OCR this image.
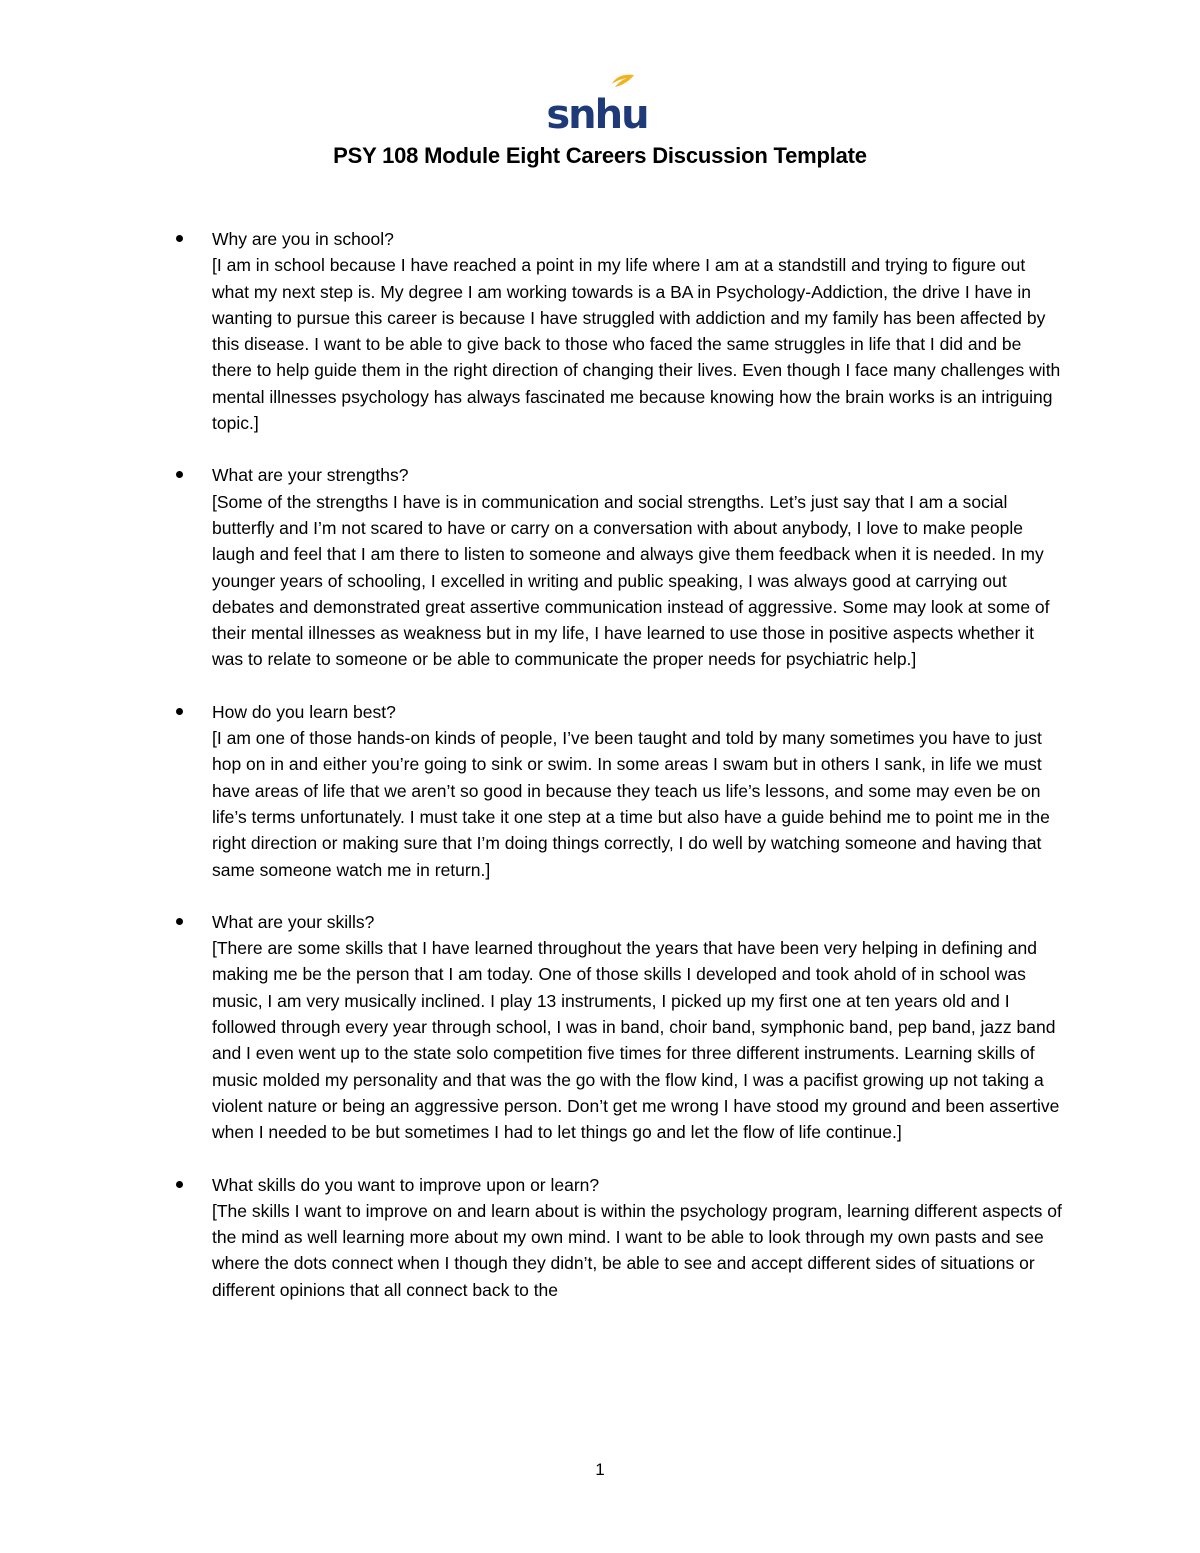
snhu
PSY 108 Module Eight Careers Discussion Template
Why are you in school?
[I am in school because I have reached a point in my life where I am at a standstill and trying to figure out what my next step is. My degree I am working towards is a BA in Psychology-Addiction, the drive I have in wanting to pursue this career is because I have struggled with addiction and my family has been affected by this disease. I want to be able to give back to those who faced the same struggles in life that I did and be there to help guide them in the right direction of changing their lives. Even though I face many challenges with mental illnesses psychology has always fascinated me because knowing how the brain works is an intriguing topic.]
What are your strengths?
[Some of the strengths I have is in communication and social strengths. Let’s just say that I am a social butterfly and I’m not scared to have or carry on a conversation with about anybody, I love to make people laugh and feel that I am there to listen to someone and always give them feedback when it is needed. In my younger years of schooling, I excelled in writing and public speaking, I was always good at carrying out debates and demonstrated great assertive communication instead of aggressive. Some may look at some of their mental illnesses as weakness but in my life, I have learned to use those in positive aspects whether it was to relate to someone or be able to communicate the proper needs for psychiatric help.]
How do you learn best?
[I am one of those hands-on kinds of people, I’ve been taught and told by many sometimes you have to just hop on in and either you’re going to sink or swim. In some areas I swam but in others I sank, in life we must have areas of life that we aren’t so good in because they teach us life’s lessons, and some may even be on life’s terms unfortunately. I must take it one step at a time but also have a guide behind me to point me in the right direction or making sure that I’m doing things correctly, I do well by watching someone and having that same someone watch me in return.]
What are your skills?
[There are some skills that I have learned throughout the years that have been very helping in defining and making me be the person that I am today. One of those skills I developed and took ahold of in school was music, I am very musically inclined. I play 13 instruments, I picked up my first one at ten years old and I followed through every year through school, I was in band, choir band, symphonic band, pep band, jazz band and I even went up to the state solo competition five times for three different instruments. Learning skills of music molded my personality and that was the go with the flow kind, I was a pacifist growing up not taking a violent nature or being an aggressive person. Don’t get me wrong I have stood my ground and been assertive when I needed to be but sometimes I had to let things go and let the flow of life continue.]
What skills do you want to improve upon or learn?
[The skills I want to improve on and learn about is within the psychology program, learning different aspects of the mind as well learning more about my own mind. I want to be able to look through my own pasts and see where the dots connect when I though they didn’t, be able to see and accept different sides of situations or different opinions that all connect back to the
1
